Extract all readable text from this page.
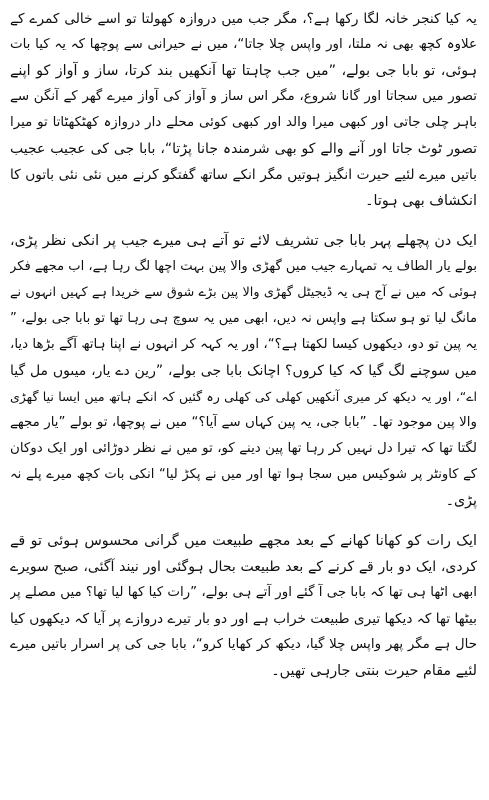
یہ کیا کنجر خانہ لگا رکھا ہے؟، مگر جب میں دروازہ کھولتا تو اسے خالی کمرے کے
علاوہ کچھ بھی نہ ملتا، اور واپس چلا جاتا“، میں نے حیرانی سے پوچھا کہ یہ کیا بات
ہوئی، تو بابا جی بولے، ”میں جب چاہتا تھا آنکھیں بند کرتا، ساز و آواز کو اپنے
تصور میں سجاتا اور گانا شروع، مگر اس ساز و آواز کی آواز میرے گھر کے آنگن سے
باہر چلی جاتی اور کبھی میرا والد اور کبھی کوئی محلے دار دروازہ کھٹکھٹاتا تو میرا
تصور ٹوٹ جاتا اور آنے والے کو بھی شرمندہ جانا پڑتا“، بابا جی کی عجیب عجیب
باتیں میرے لئیے حیرت انگیز ہوتیں مگر انکے ساتھ گفتگو کرنے میں نئی نئی باتوں کا
انکشاف بھی ہوتا۔
ایک دن پچھلے پہر بابا جی تشریف لائے تو آتے ہی میرے جیب پر انکی نظر پڑی،
بولے یار الطاف یہ تمہارے جیب میں گھڑی والا پین بہت اچھا لگ رہا ہے، اب مجھے فکر
ہوئی کہ میں نے آج ہی یہ ڈیجیٹل گھڑی والا پین بڑے شوق سے خریدا ہے کہیں انہوں نے
مانگ لیا تو ہو سکتا ہے واپس نہ دیں، ابھی میں یہ سوچ ہی رہا تھا تو بابا جی بولے، ”
یہ پین تو دو، دیکھوں کیسا لکھتا ہے؟“، اور یہ کہہ کر انہوں نے اپنا ہاتھ آگے بڑھا دیا،
میں سوچنے لگ گیا کہ کیا کروں؟ اچانک بابا جی بولے، ”رین دے یار، میںوں مل گیا
اے“، اور یہ دیکھ کر میری آنکھیں کھلی کی کھلی رہ گئیں کہ انکے ہاتھ میں ایسا نیا گھڑی
والا پین موجود تھا۔ ”بابا جی، یہ پین کہاں سے آیا؟“ میں نے پوچھا، تو بولے ”یار مجھے
لگتا تھا کہ تیرا دل نہیں کر رہا تھا پین دینے کو، تو میں نے نظر دوڑائی اور ایک دوکان
کے کاونٹر پر شوکیس میں سجا ہوا تھا اور میں نے پکڑ لیا“ انکی بات کچھ میرے پلے نہ
پڑی۔
ایک رات کو کھانا کھانے کے بعد مجھے طبیعت میں گرانی محسوس ہوئی تو قے
کردی، ایک دو بار قے کرنے کے بعد طبیعت بحال ہوگئی اور نیند آگئی، صبح سویرے
ابھی اٹھا ہی تھا کہ بابا جی آ گئے اور آتے ہی بولے، ”رات کیا کھا لیا تھا؟ میں مصلے پر
بیٹھا تھا کہ دیکھا تیری طبیعت خراب ہے اور دو بار تیرے دروازے پر آیا کہ دیکھوں کیا
حال ہے مگر پھر واپس چلا گیا، دیکھ کر کھایا کرو“، بابا جی کی پر اسرار باتیں میرے
لئیے مقام حیرت بنتی جارہی تھیں۔
